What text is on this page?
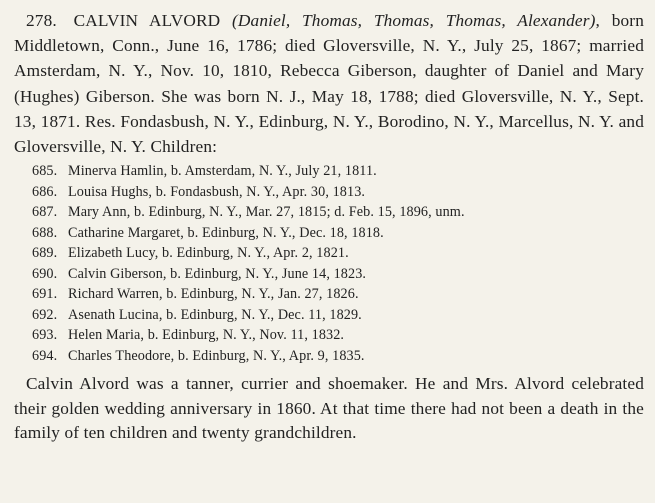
278. CALVIN ALVORD (Daniel, Thomas, Thomas, Thomas, Alexander), born Middletown, Conn., June 16, 1786; died Gloversville, N. Y., July 25, 1867; married Amsterdam, N. Y., Nov. 10, 1810, Rebecca Giberson, daughter of Daniel and Mary (Hughes) Giberson. She was born N. J., May 18, 1788; died Gloversville, N. Y., Sept. 13, 1871. Res. Fondasbush, N. Y., Edinburg, N. Y., Borodino, N. Y., Marcellus, N. Y. and Gloversville, N. Y. Children:

685. Minerva Hamlin, b. Amsterdam, N. Y., July 21, 1811.
686. Louisa Hughs, b. Fondasbush, N. Y., Apr. 30, 1813.
687. Mary Ann, b. Edinburg, N. Y., Mar. 27, 1815; d. Feb. 15, 1896, unm.
688. Catharine Margaret, b. Edinburg, N. Y., Dec. 18, 1818.
689. Elizabeth Lucy, b. Edinburg, N. Y., Apr. 2, 1821.
690. Calvin Giberson, b. Edinburg, N. Y., June 14, 1823.
691. Richard Warren, b. Edinburg, N. Y., Jan. 27, 1826.
692. Asenath Lucina, b. Edinburg, N. Y., Dec. 11, 1829.
693. Helen Maria, b. Edinburg, N. Y., Nov. 11, 1832.
694. Charles Theodore, b. Edinburg, N. Y., Apr. 9, 1835.

Calvin Alvord was a tanner, currier and shoemaker. He and Mrs. Alvord celebrated their golden wedding anniversary in 1860. At that time there had not been a death in the family of ten children and twenty grandchildren.
